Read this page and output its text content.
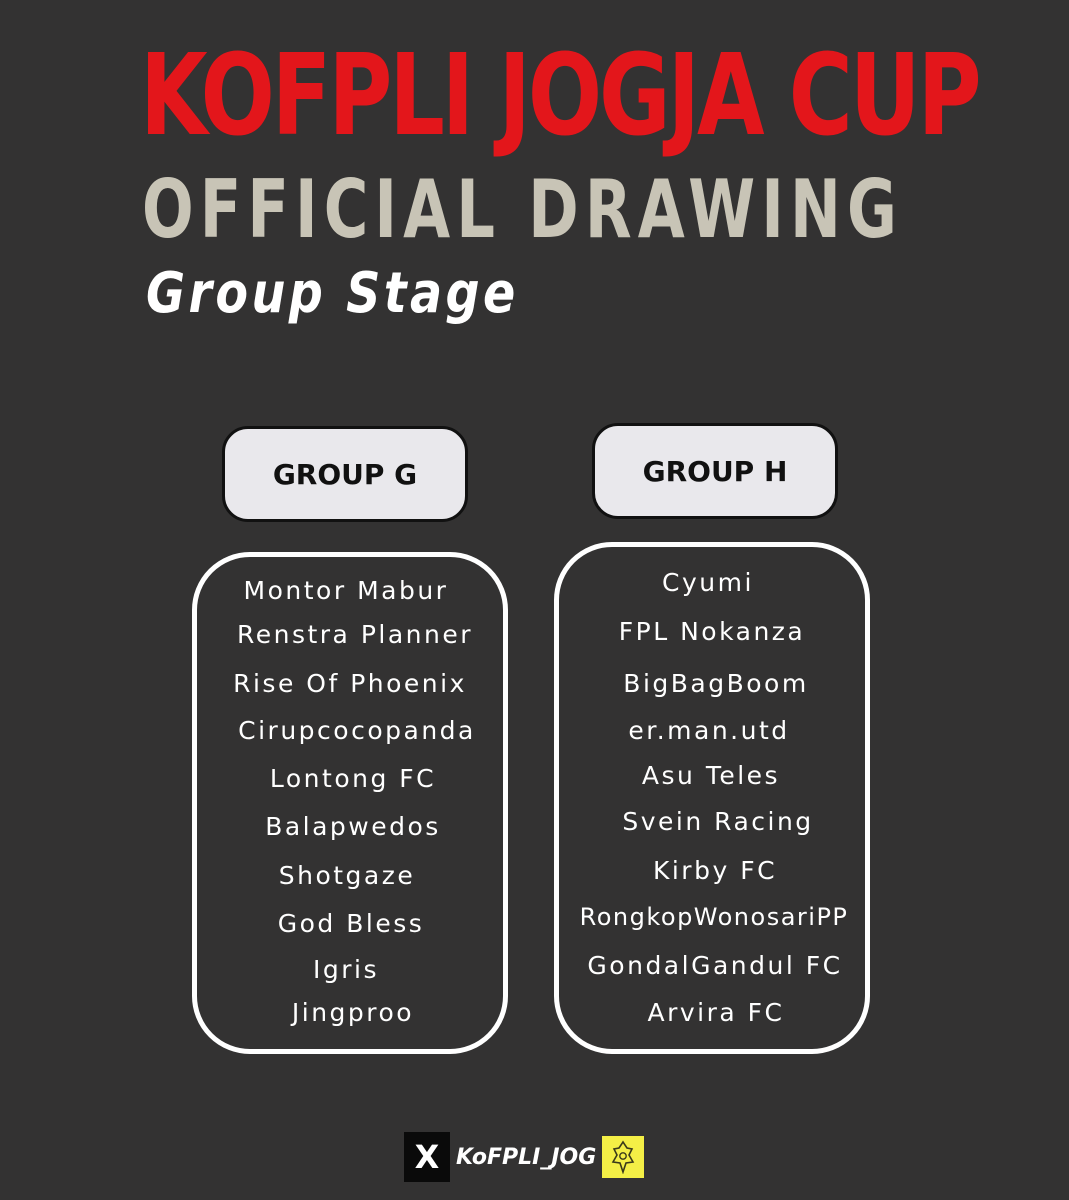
KOFPLI JOGJA CUP
OFFICIAL DRAWING
Group Stage
GROUP G	GROUP H
Montor Mabur
Renstra Planner
Rise Of Phoenix
Cirupcocopanda
Lontong FC
Balapwedos
Shotgaze
God Bless
Igris
Jingproo
Cyumi
FPL Nokanza
BigBagBoom
er.man.utd
Asu Teles
Svein Racing
Kirby FC
RongkopWonosariPP
GondalGandul FC
Arvira FC
X KoFPLI_JOG
